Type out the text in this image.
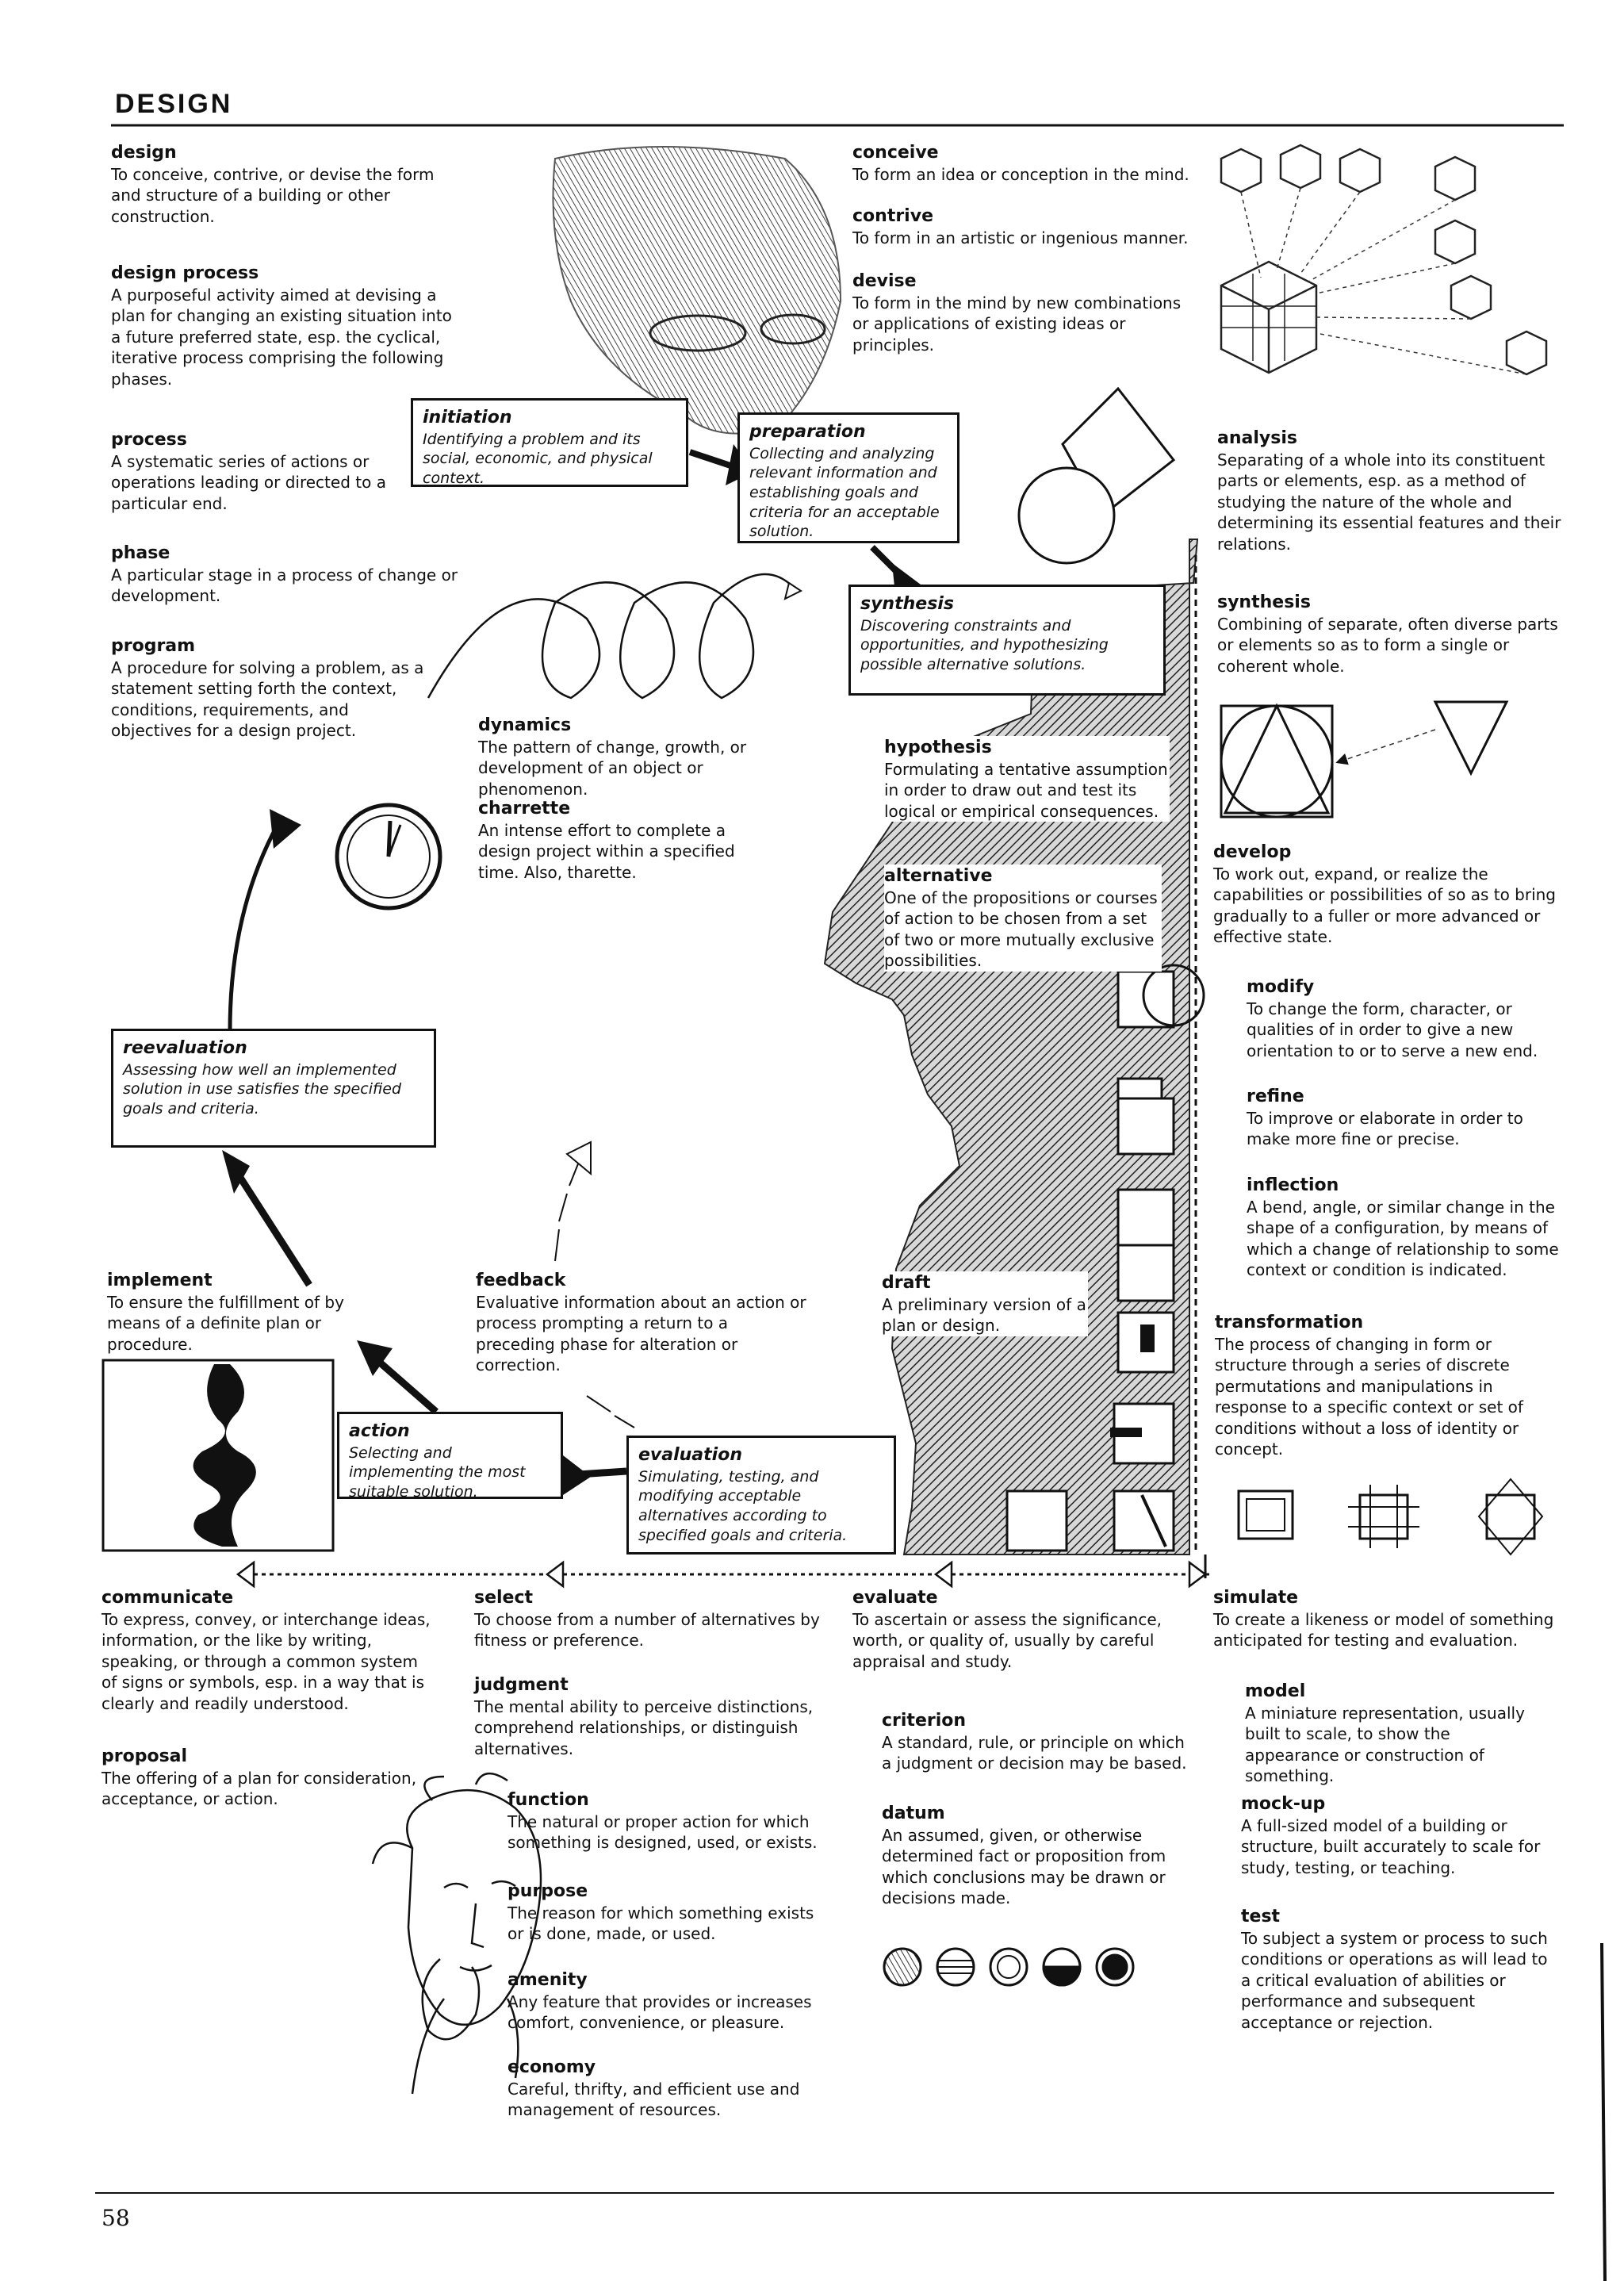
DESIGN
design
To conceive, contrive, or devise the form and structure of a building or other construction.
design process
A purposeful activity aimed at devising a plan for changing an existing situation into a future preferred state, esp. the cyclical, iterative process comprising the following phases.
process
A systematic series of actions or operations leading or directed to a particular end.
phase
A particular stage in a process of change or development.
program
A procedure for solving a problem, as a statement setting forth the context, conditions, requirements, and objectives for a design project.
initiation
Identifying a problem and its social, economic, and physical context.
preparation
Collecting and analyzing relevant information and establishing goals and criteria for an acceptable solution.
conceive
To form an idea or conception in the mind.
contrive
To form in an artistic or ingenious manner.
devise
To form in the mind by new combinations or applications of existing ideas or principles.
analysis
Separating of a whole into its constituent parts or elements, esp. as a method of studying the nature of the whole and determining its essential features and their relations.
synthesis
Combining of separate, often diverse parts or elements so as to form a single or coherent whole.
synthesis
Discovering constraints and opportunities, and hypothesizing possible alternative solutions.
dynamics
The pattern of change, growth, or development of an object or phenomenon.
charrette
An intense effort to complete a design project within a specified time. Also, tharette.
hypothesis
Formulating a tentative assumption in order to draw out and test its logical or empirical consequences.
alternative
One of the propositions or courses of action to be chosen from a set of two or more mutually exclusive possibilities.
develop
To work out, expand, or realize the capabilities or possibilities of so as to bring gradually to a fuller or more advanced or effective state.
modify
To change the form, character, or qualities of in order to give a new orientation to or to serve a new end.
refine
To improve or elaborate in order to make more fine or precise.
inflection
A bend, angle, or similar change in the shape of a configuration, by means of which a change of relationship to some context or condition is indicated.
transformation
The process of changing in form or structure through a series of discrete permutations and manipulations in response to a specific context or set of conditions without a loss of identity or concept.
reevaluation
Assessing how well an implemented solution in use satisfies the specified goals and criteria.
implement
To ensure the fulfillment of by means of a definite plan or procedure.
feedback
Evaluative information about an action or process prompting a return to a preceding phase for alteration or correction.
draft
A preliminary version of a plan or design.
action
Selecting and implementing the most suitable solution.
evaluation
Simulating, testing, and modifying acceptable alternatives according to specified goals and criteria.
communicate
To express, convey, or interchange ideas, information, or the like by writing, speaking, or through a common system of signs or symbols, esp. in a way that is clearly and readily understood.
proposal
The offering of a plan for consideration, acceptance, or action.
select
To choose from a number of alternatives by fitness or preference.
judgment
The mental ability to perceive distinctions, comprehend relationships, or distinguish alternatives.
function
The natural or proper action for which something is designed, used, or exists.
purpose
The reason for which something exists or is done, made, or used.
amenity
Any feature that provides or increases comfort, convenience, or pleasure.
economy
Careful, thrifty, and efficient use and management of resources.
evaluate
To ascertain or assess the significance, worth, or quality of, usually by careful appraisal and study.
criterion
A standard, rule, or principle on which a judgment or decision may be based.
datum
An assumed, given, or otherwise determined fact or proposition from which conclusions may be drawn or decisions made.
simulate
To create a likeness or model of something anticipated for testing and evaluation.
model
A miniature representation, usually built to scale, to show the appearance or construction of something.
mock-up
A full-sized model of a building or structure, built accurately to scale for study, testing, or teaching.
test
To subject a system or process to such conditions or operations as will lead to a critical evaluation of abilities or performance and subsequent acceptance or rejection.
58
